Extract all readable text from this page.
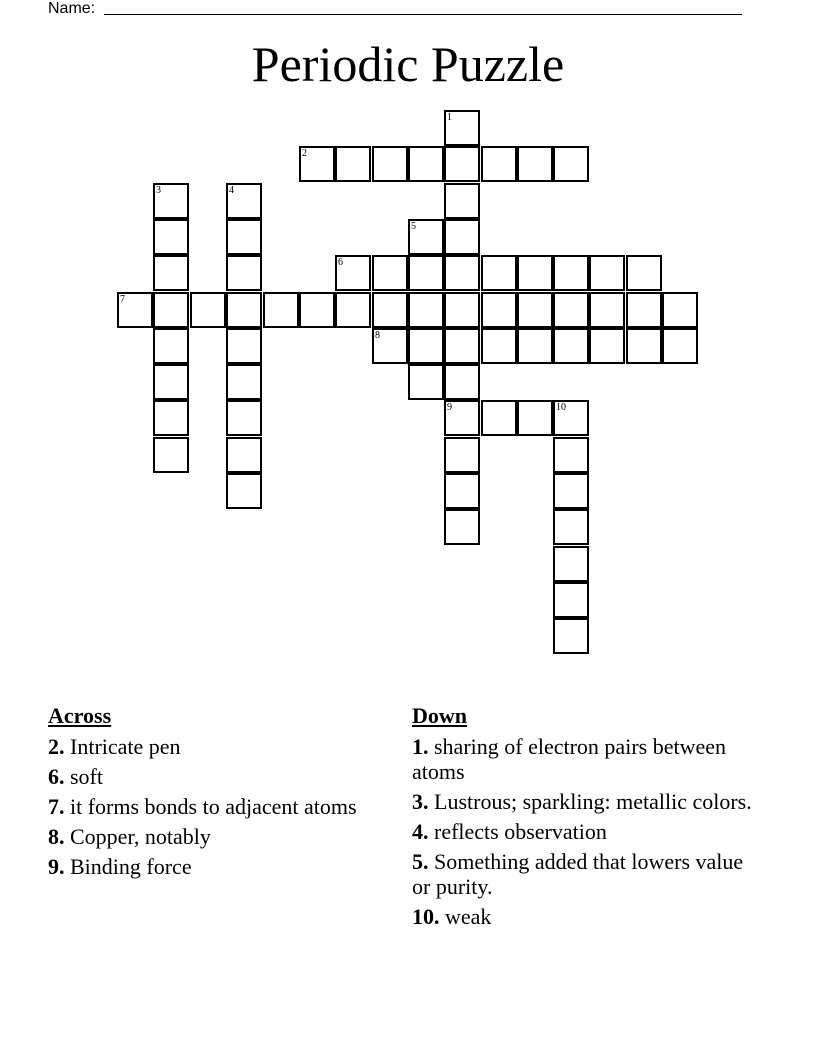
Name:
Periodic Puzzle
2
6
7
8
9	10
1
3	4
5
Across
2. Intricate pen
6. soft
7. it forms bonds to adjacent atoms
8. Copper, notably
9. Binding force
Down
1. sharing of electron pairs between atoms
3. Lustrous; sparkling: metallic colors.
4. reflects observation
5. Something added that lowers value or purity.
10. weak
